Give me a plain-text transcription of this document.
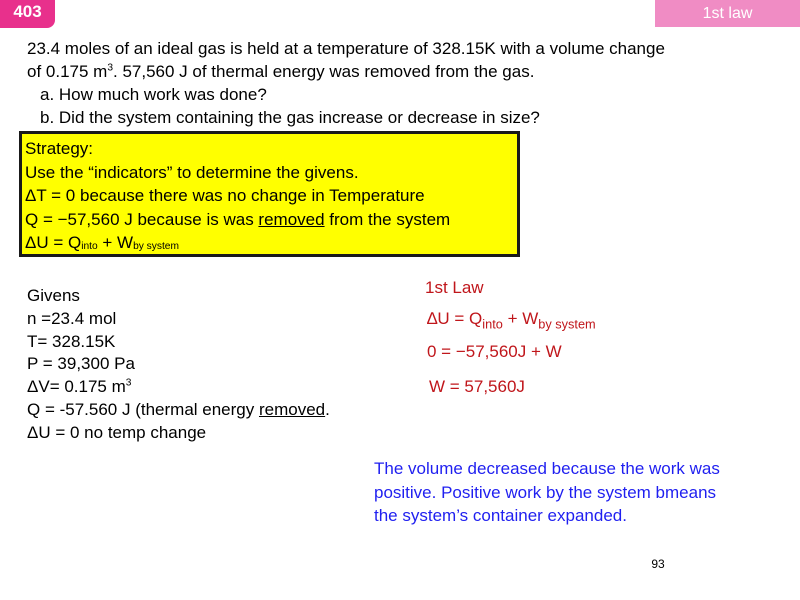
403	1st law
23.4 moles of an ideal gas is held at a temperature of 328.15K with a volume change
of 0.175 $m^3$. 57,560 J of thermal energy was removed from the gas.
a. How much work was done?
b. Did the system containing the gas increase or decrease in size?
Strategy:
Use the “indicators” to determine the givens.
ΔT = 0 because there was no change in Temperature
Q = −57,560 J because is was removed from the system
$\Delta U = Q_{into} + W_{by system}$
Givens
n =23.4 mol
T= 328.15K
P = 39,300 Pa
ΔV= 0.175 $m^3$
Q = -57.560 J (thermal energy removed.
ΔU = 0 no temp change
1st Law
$\Delta U = Q_{into} + W_{by system}$
0 = −57,560J + W
W = 57,560J
The volume decreased because the work was
positive. Positive work by the system bmeans
the system’s container expanded.
93
